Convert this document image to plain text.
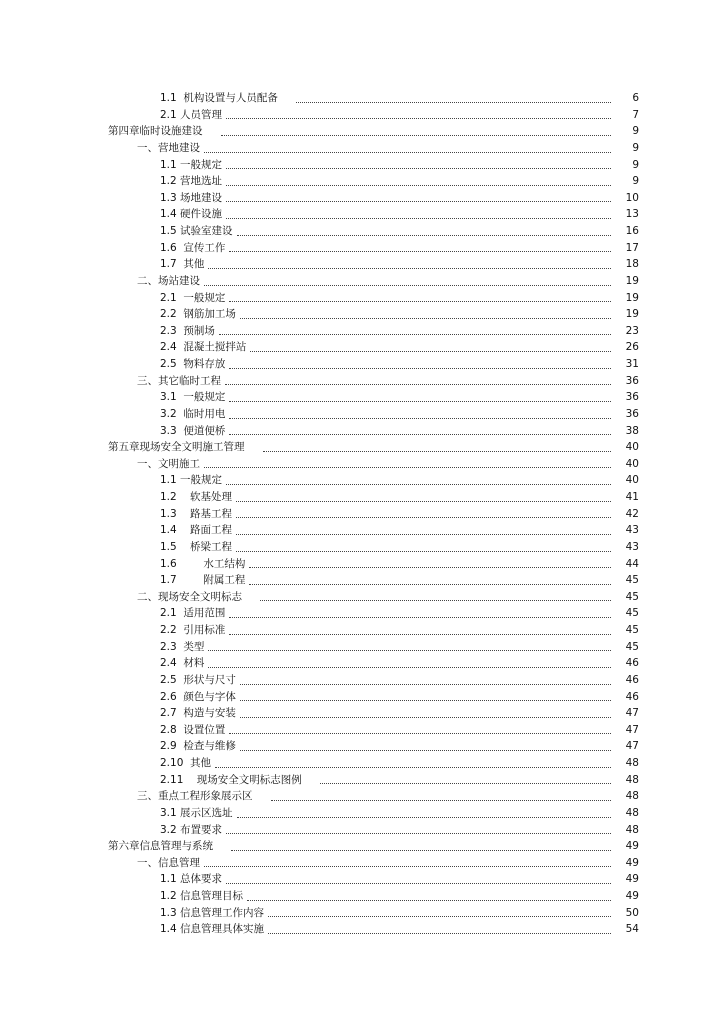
1.1  机构设置与人员配备	6
2.1 人员管理	7
第四章临时设施建设	9
一、营地建设	9
1.1 一般规定	9
1.2 营地选址	9
1.3 场地建设	10
1.4 硬件设施	13
1.5 试验室建设	16
1.6  宣传工作	17
1.7  其他	18
二、场站建设	19
2.1  一般规定	19
2.2  钢筋加工场	19
2.3  预制场	23
2.4  混凝土搅拌站	26
2.5  物料存放	31
三、其它临时工程	36
3.1  一般规定	36
3.2  临时用电	36
3.3  便道便桥	38
第五章现场安全文明施工管理	40
一、文明施工	40
1.1 一般规定	40
1.2    软基处理	41
1.3    路基工程	42
1.4    路面工程	43
1.5    桥梁工程	43
1.6        水工结构	44
1.7        附属工程	45
二、现场安全文明标志	45
2.1  适用范围	45
2.2  引用标准	45
2.3  类型	45
2.4  材料	46
2.5  形状与尺寸	46
2.6  颜色与字体	46
2.7  构造与安装	47
2.8  设置位置	47
2.9  检查与维修	47
2.10  其他	48
2.11    现场安全文明标志图例	48
三、重点工程形象展示区	48
3.1 展示区选址	48
3.2 布置要求	48
第六章信息管理与系统	49
一、信息管理	49
1.1 总体要求	49
1.2 信息管理目标	49
1.3 信息管理工作内容	50
1.4 信息管理具体实施	54
